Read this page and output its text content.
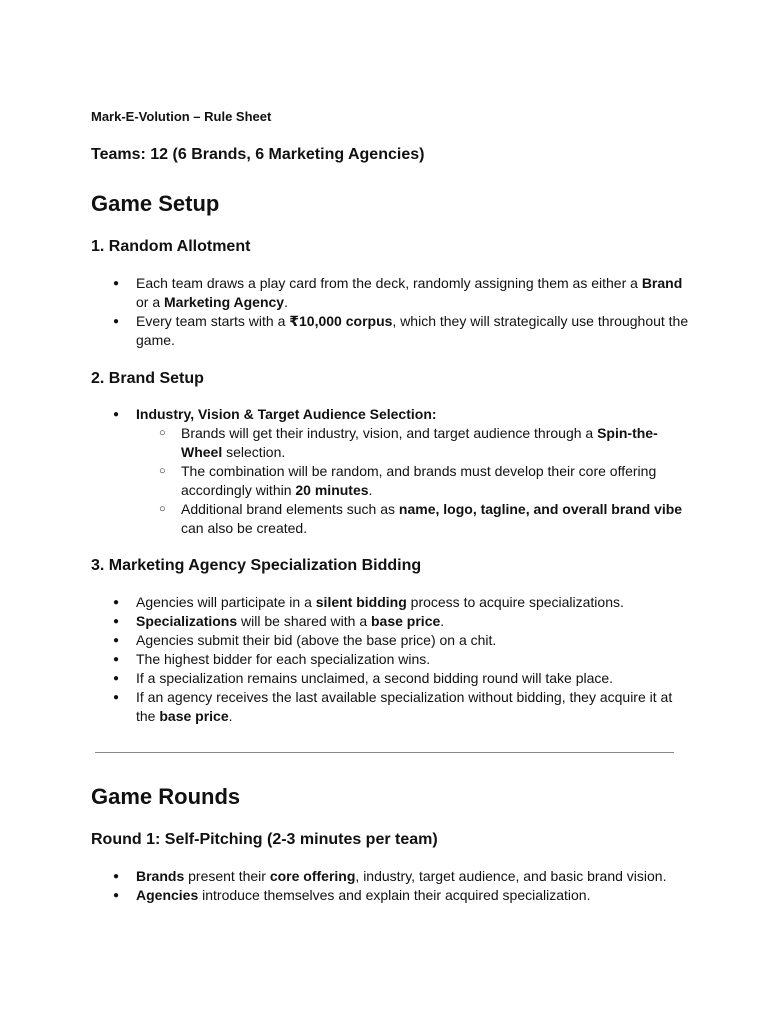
Mark-E-Volution – Rule Sheet

Teams: 12 (6 Brands, 6 Marketing Agencies)

Game Setup
1. Random Allotment
● Each team draws a play card from the deck, randomly assigning them as either a Brand or a Marketing Agency.
● Every team starts with a ₹10,000 corpus, which they will strategically use throughout the game.
2. Brand Setup
● Industry, Vision & Target Audience Selection:
○ Brands will get their industry, vision, and target audience through a Spin-the-Wheel selection.
○ The combination will be random, and brands must develop their core offering accordingly within 20 minutes.
○ Additional brand elements such as name, logo, tagline, and overall brand vibe can also be created.
3. Marketing Agency Specialization Bidding
● Agencies will participate in a silent bidding process to acquire specializations.
● Specializations will be shared with a base price.
● Agencies submit their bid (above the base price) on a chit.
● The highest bidder for each specialization wins.
● If a specialization remains unclaimed, a second bidding round will take place.
● If an agency receives the last available specialization without bidding, they acquire it at the base price.
Game Rounds
Round 1: Self-Pitching (2-3 minutes per team)
● Brands present their core offering, industry, target audience, and basic brand vision.
● Agencies introduce themselves and explain their acquired specialization.
